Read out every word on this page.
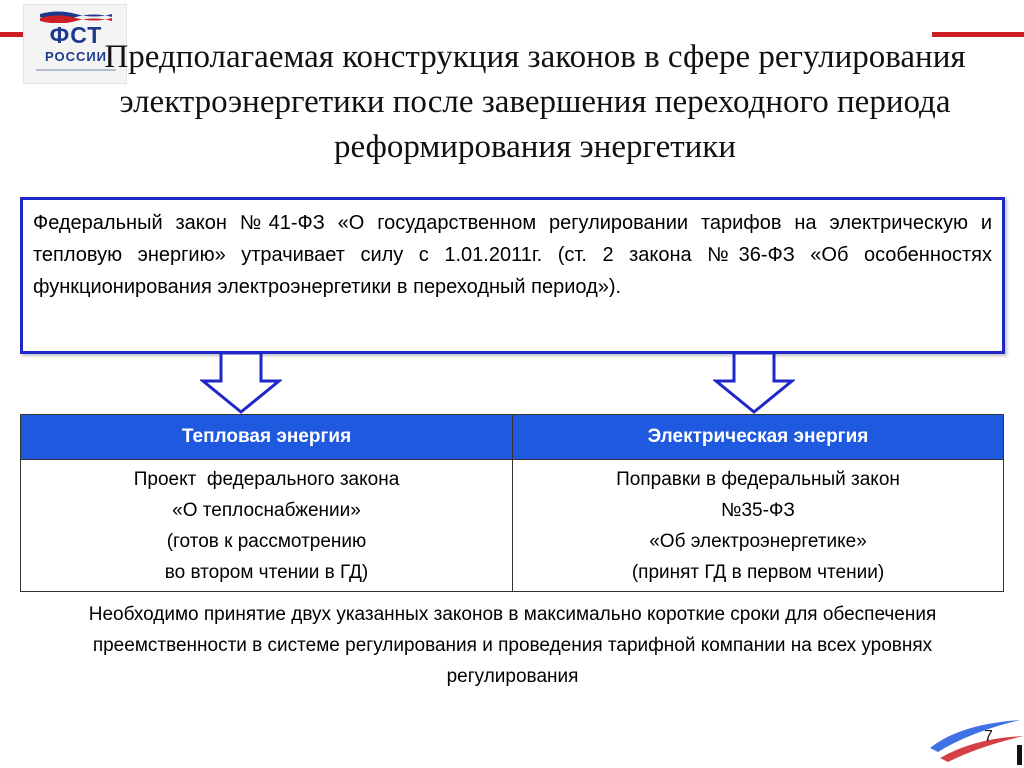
ФСТ
РОССИИ
Предполагаемая конструкция законов в сфере регулирования электроэнергетики после завершения переходного периода реформирования энергетики
Федеральный закон №41-ФЗ «О государственном регулировании тарифов на электрическую и тепловую энергию» утрачивает силу с 1.01.2011г. (ст. 2 закона №36-ФЗ «Об особенностях функционирования электроэнергетики в переходный период»).
Тепловая энергия	Электрическая энергия
Проект  федерального закона
«О теплоснабжении»
(готов к рассмотрению
во втором чтении в ГД)
Поправки в федеральный закон
№35-ФЗ
«Об электроэнергетике»
(принят ГД в первом чтении)
Необходимо принятие двух указанных законов в максимально короткие сроки для обеспечения преемственности в системе регулирования и проведения тарифной компании на всех уровнях регулирования
7
